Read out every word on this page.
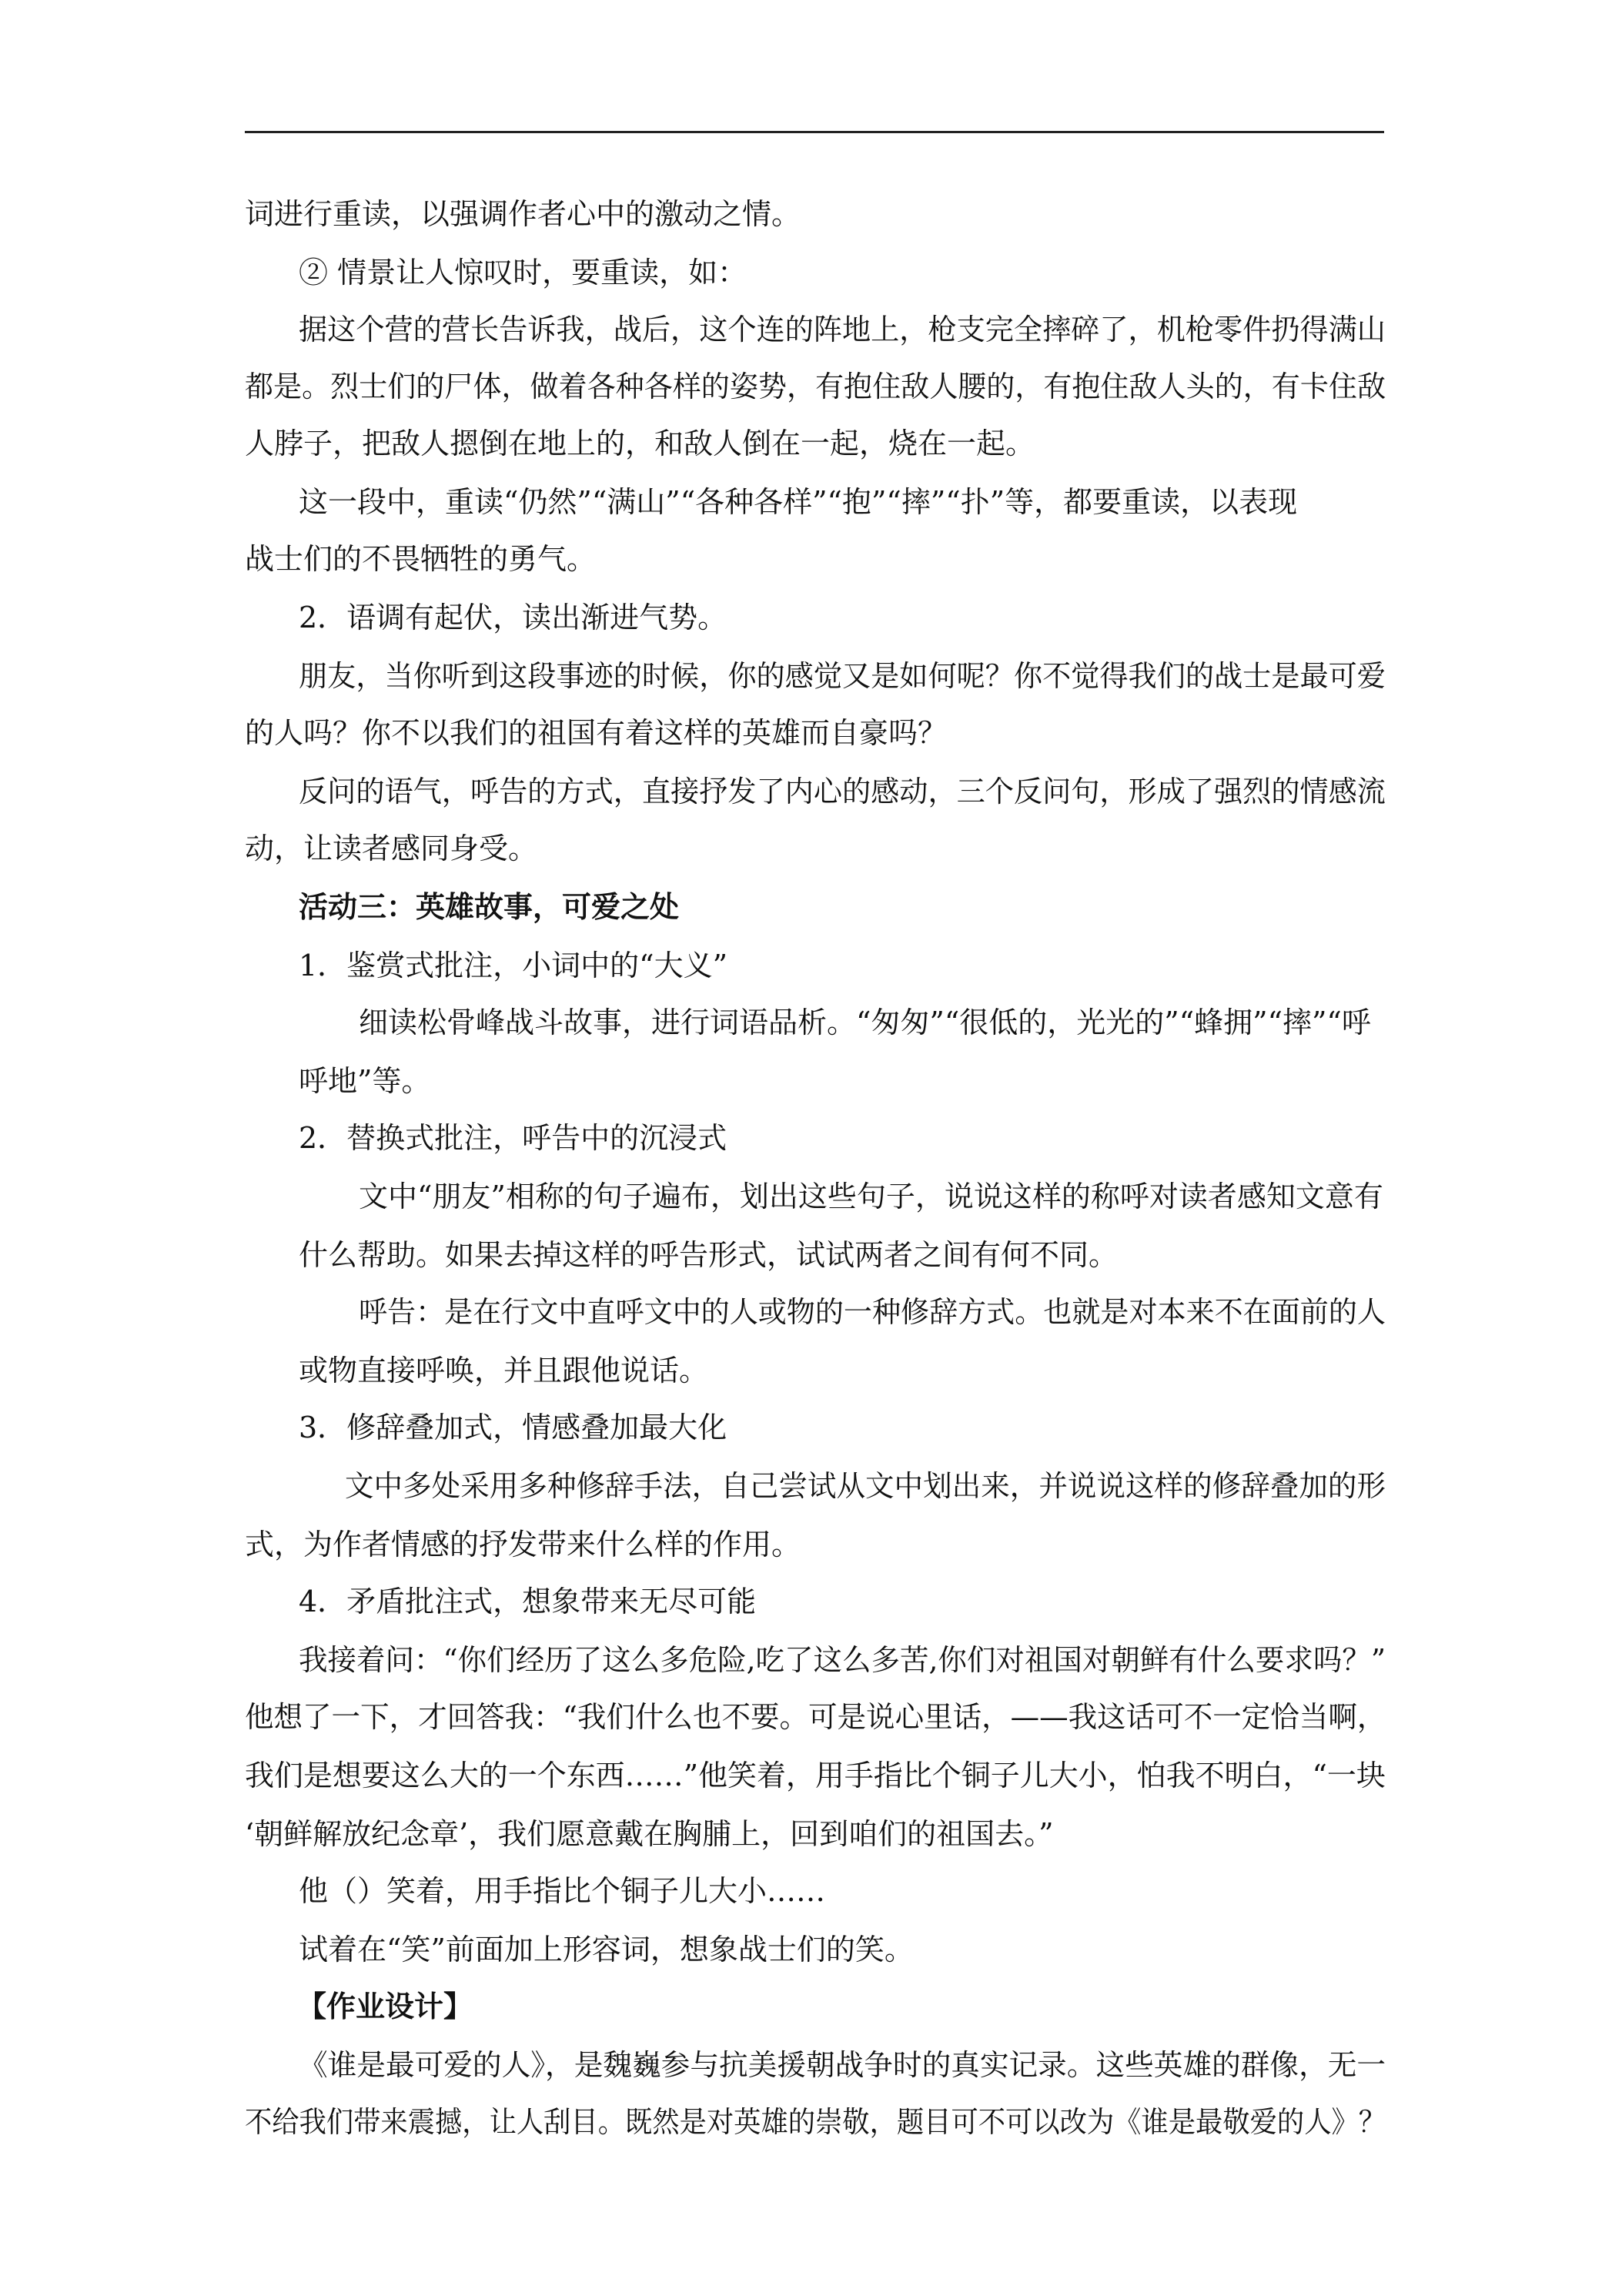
词进行重读，以强调作者心中的激动之情。
② 情景让人惊叹时，要重读，如：
据这个营的营长告诉我，战后，这个连的阵地上，枪支完全摔碎了，机枪零件扔得满山
都是。烈士们的尸体，做着各种各样的姿势，有抱住敌人腰的，有抱住敌人头的，有卡住敌
人脖子，把敌人摁倒在地上的，和敌人倒在一起，烧在一起。
这一段中，重读“仍然”“满山”“各种各样”“抱”“摔”“扑”等，都要重读，以表现
战士们的不畏牺牲的勇气。
2．语调有起伏，读出渐进气势。
朋友，当你听到这段事迹的时候，你的感觉又是如何呢？你不觉得我们的战士是最可爱
的人吗？你不以我们的祖国有着这样的英雄而自豪吗？
反问的语气，呼告的方式，直接抒发了内心的感动，三个反问句，形成了强烈的情感流
动，让读者感同身受。
活动三：英雄故事，可爱之处
1．鉴赏式批注，小词中的“大义”
细读松骨峰战斗故事，进行词语品析。“匆匆”“很低的，光光的”“蜂拥”“摔”“呼
呼地”等。
2．替换式批注，呼告中的沉浸式
文中“朋友”相称的句子遍布，划出这些句子，说说这样的称呼对读者感知文意有
什么帮助。如果去掉这样的呼告形式，试试两者之间有何不同。
呼告：是在行文中直呼文中的人或物的一种修辞方式。也就是对本来不在面前的人
或物直接呼唤，并且跟他说话。
3．修辞叠加式，情感叠加最大化
文中多处采用多种修辞手法，自己尝试从文中划出来，并说说这样的修辞叠加的形
式，为作者情感的抒发带来什么样的作用。
4．矛盾批注式，想象带来无尽可能
我接着问：“你们经历了这么多危险,吃了这么多苦,你们对祖国对朝鲜有什么要求吗？”
他想了一下，才回答我：“我们什么也不要。可是说心里话，——我这话可不一定恰当啊，
我们是想要这么大的一个东西……”他笑着，用手指比个铜子儿大小，怕我不明白，“一块
‘朝鲜解放纪念章’，我们愿意戴在胸脯上，回到咱们的祖国去。”
他（）笑着，用手指比个铜子儿大小……
试着在“笑”前面加上形容词，想象战士们的笑。
【作业设计】
《谁是最可爱的人》，是魏巍参与抗美援朝战争时的真实记录。这些英雄的群像，无一
不给我们带来震撼，让人刮目。既然是对英雄的崇敬，题目可不可以改为《谁是最敬爱的人》？
